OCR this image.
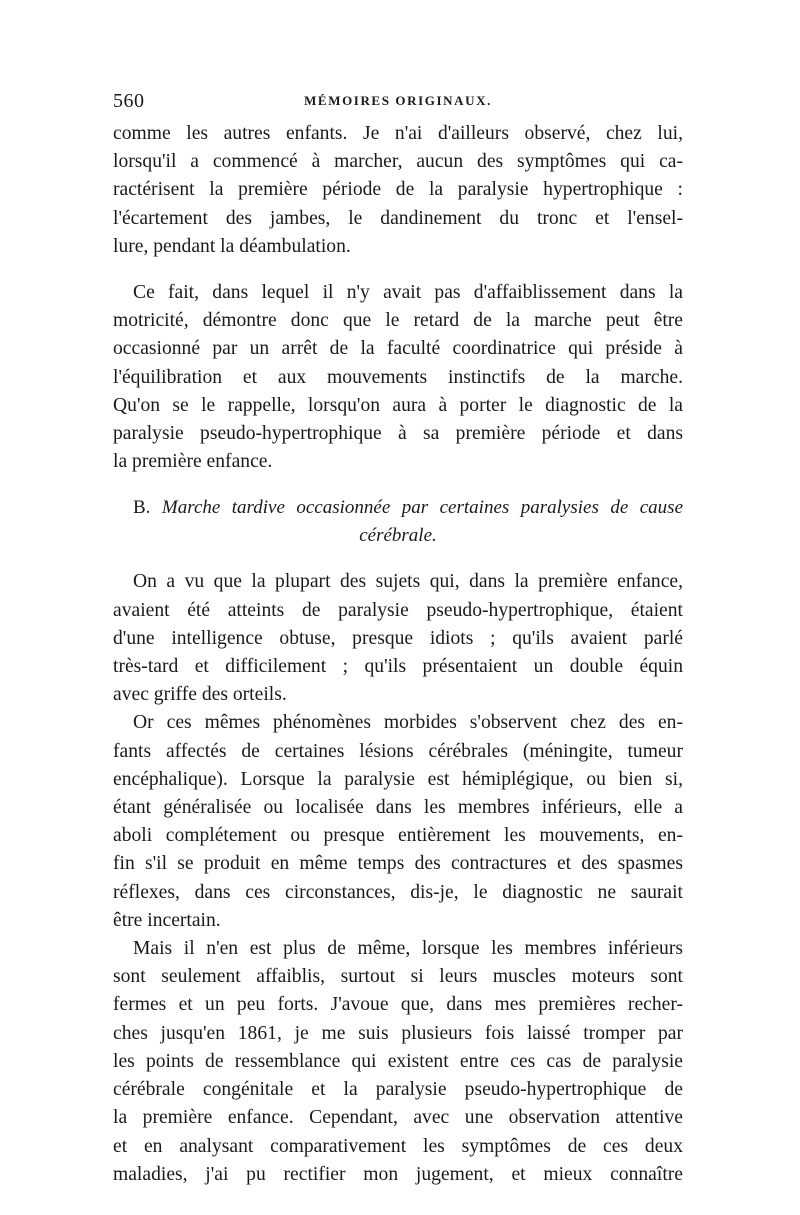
560	MÉMOIRES ORIGINAUX.
comme les autres enfants. Je n'ai d'ailleurs observé, chez lui,
lorsqu'il a commencé à marcher, aucun des symptômes qui ca-
ractérisent la première période de la paralysie hypertrophique :
l'écartement des jambes, le dandinement du tronc et l'ensel-
lure, pendant la déambulation.
Ce fait, dans lequel il n'y avait pas d'affaiblissement dans la
motricité, démontre donc que le retard de la marche peut être
occasionné par un arrêt de la faculté coordinatrice qui préside à
l'équilibration et aux mouvements instinctifs de la marche.
Qu'on se le rappelle, lorsqu'on aura à porter le diagnostic de la
paralysie pseudo-hypertrophique à sa première période et dans
la première enfance.
B. Marche tardive occasionnée par certaines paralysies de cause
cérébrale.
On a vu que la plupart des sujets qui, dans la première enfance,
avaient été atteints de paralysie pseudo-hypertrophique, étaient
d'une intelligence obtuse, presque idiots ; qu'ils avaient parlé
très-tard et difficilement ; qu'ils présentaient un double équin
avec griffe des orteils.
Or ces mêmes phénomènes morbides s'observent chez des en-
fants affectés de certaines lésions cérébrales (méningite, tumeur
encéphalique). Lorsque la paralysie est hémiplégique, ou bien si,
étant généralisée ou localisée dans les membres inférieurs, elle a
aboli complétement ou presque entièrement les mouvements, en-
fin s'il se produit en même temps des contractures et des spasmes
réflexes, dans ces circonstances, dis-je, le diagnostic ne saurait
être incertain.
Mais il n'en est plus de même, lorsque les membres inférieurs
sont seulement affaiblis, surtout si leurs muscles moteurs sont
fermes et un peu forts. J'avoue que, dans mes premières recher-
ches jusqu'en 1861, je me suis plusieurs fois laissé tromper par
les points de ressemblance qui existent entre ces cas de paralysie
cérébrale congénitale et la paralysie pseudo-hypertrophique de
la première enfance. Cependant, avec une observation attentive
et en analysant comparativement les symptômes de ces deux
maladies, j'ai pu rectifier mon jugement, et mieux connaître
